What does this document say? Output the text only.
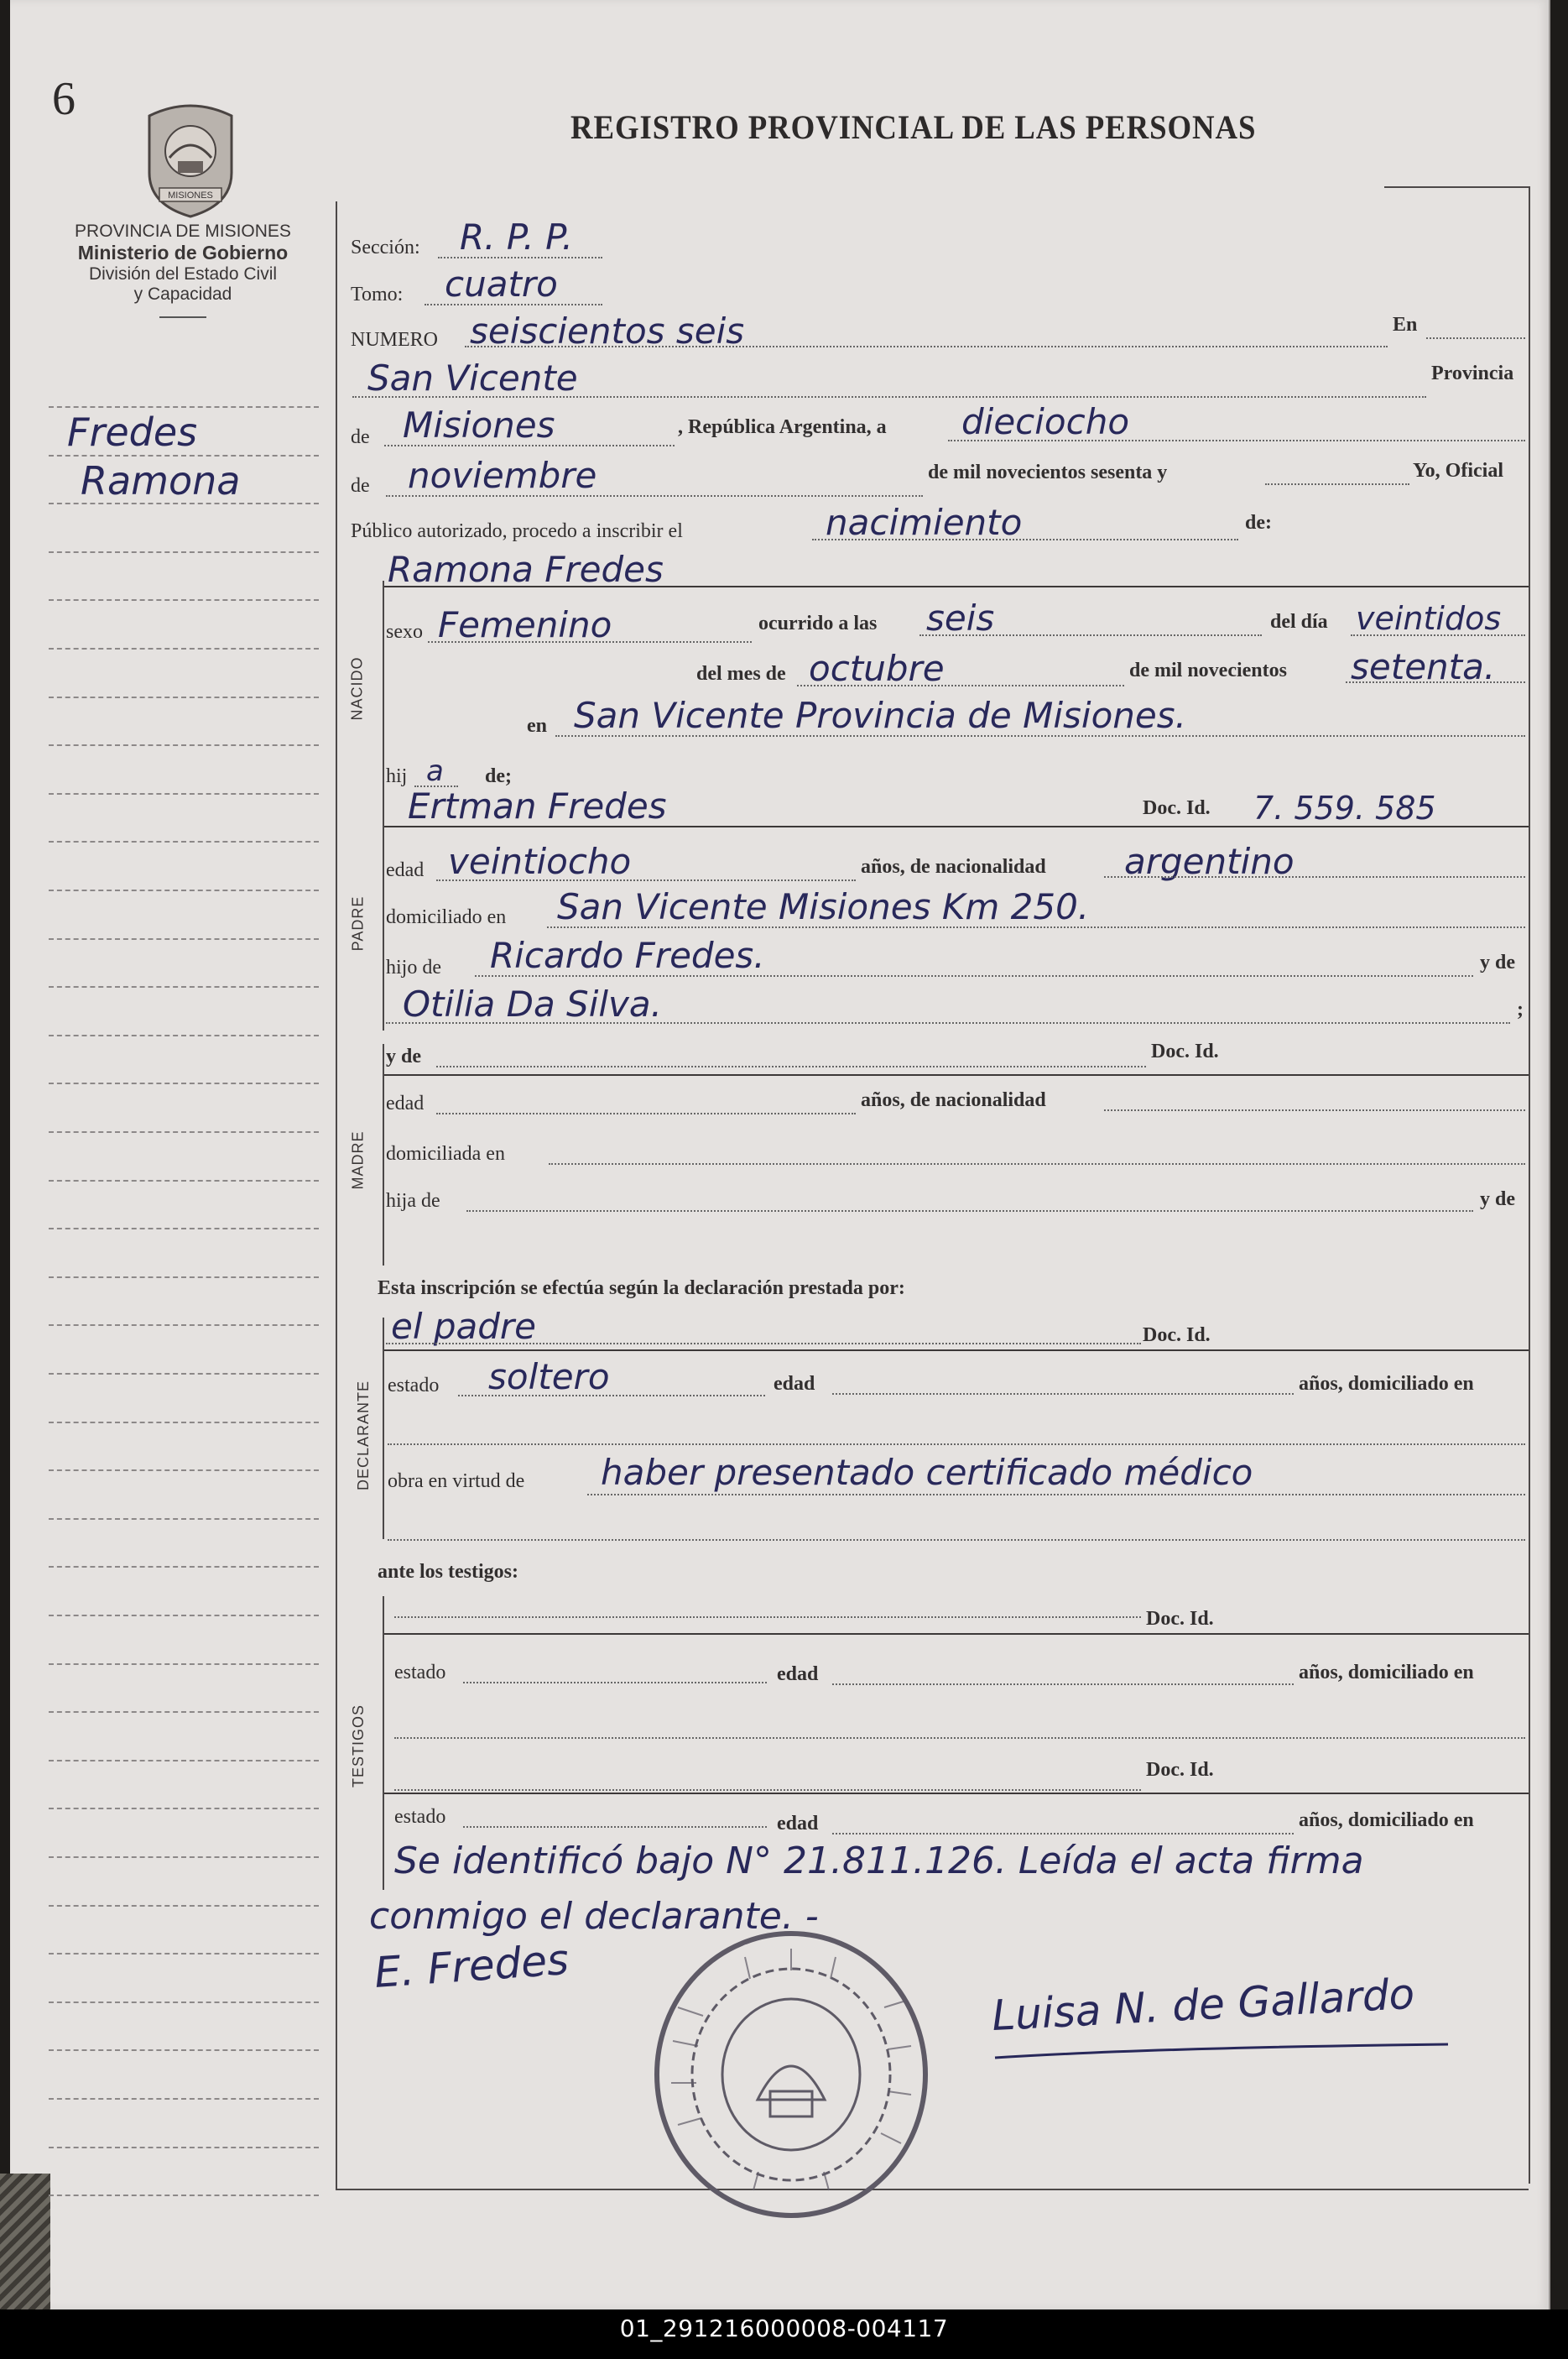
6
MISIONES
PROVINCIA DE MISIONES
Ministerio de Gobierno
División del Estado Civil
y Capacidad
REGISTRO PROVINCIAL DE LAS PERSONAS
Fredes
Ramona
NACIDO
PADRE
MADRE
DECLARANTE
TESTIGOS
Sección: R. P. P.
Tomo: cuatro
NUMERO seiscientos seis	En
San Vicente	Provincia
de Misiones	, República Argentina, a dieciocho
de noviembre	de mil novecientos sesenta y	Yo, Oficial
Público autorizado, procedo a inscribir el	nacimiento	de:
Ramona Fredes
sexo Femenino	ocurrido a las seis	del día veintidos
del mes de octubre	de mil novecientos setenta.
en San Vicente Provincia de Misiones.
hij a de;
Ertman Fredes	Doc. Id. 7. 559. 585
edad veintiocho	años, de nacionalidad argentino
domiciliado en San Vicente Misiones Km 250.
hijo de Ricardo Fredes.	y de
Otilia Da Silva.	;
y de	Doc. Id.
edad	años, de nacionalidad
domiciliada en
hija de	y de
Esta inscripción se efectúa según la declaración prestada por:
el padre	Doc. Id.
estado soltero	edad	años, domiciliado en
obra en virtud de haber presentado certificado médico
ante los testigos:
Doc. Id.
estado	edad	años, domiciliado en
Doc. Id.
estado	edad	años, domiciliado en
Se identificó bajo N° 21.811.126. Leída el acta firma
conmigo el declarante. -
E. Fredes
Luisa N. de Gallardo
01_291216000008-004117
